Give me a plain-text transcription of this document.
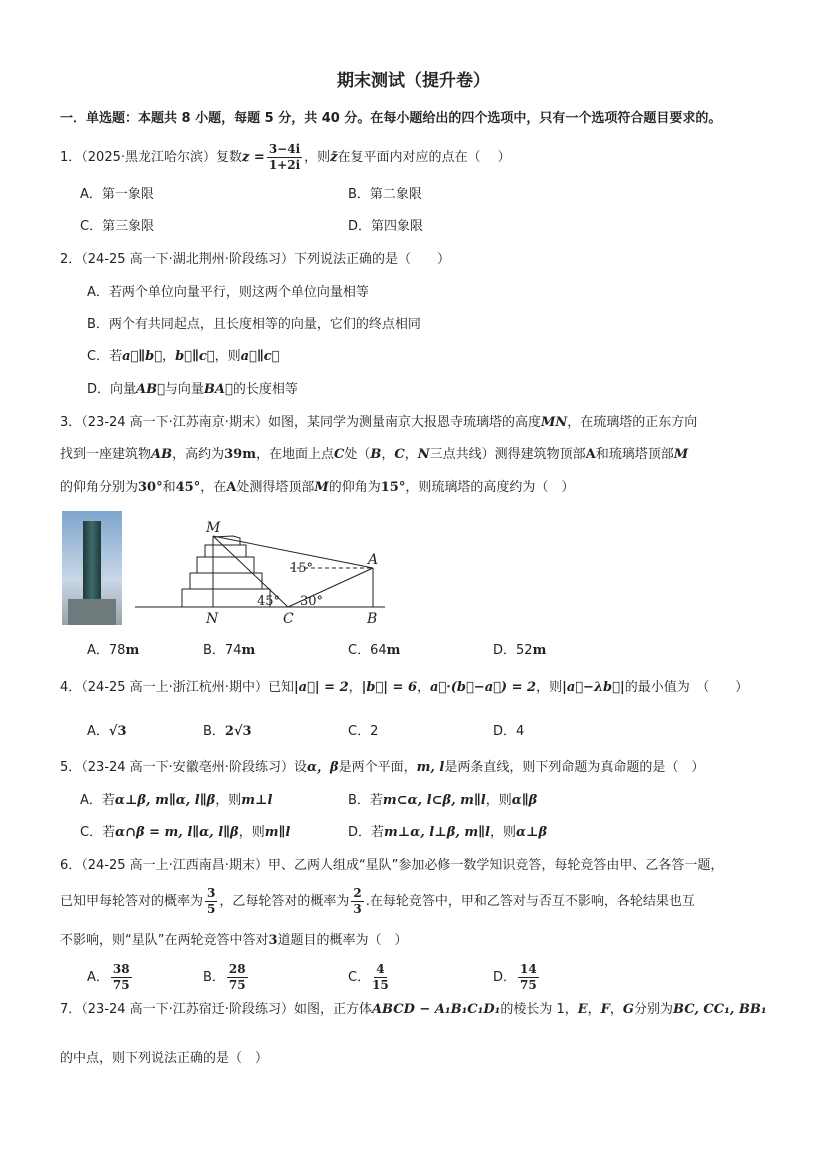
期末测试（提升卷）
一．单选题：本题共 8 小题，每题 5 分，共 40 分。在每小题给出的四个选项中，只有一个选项符合题目要求的。
1．（2025·黑龙江哈尔滨）复数$z = \frac{3-4i}{1+2i}$ ，则z̄在复平面内对应的点在（　 ）
A．第一象限	B．第二象限
C．第三象限	D．第四象限
2．（24-25 高一下·湖北荆州·阶段练习）下列说法正确的是（　　）
A．若两个单位向量平行，则这两个单位向量相等
B．两个有共同起点，且长度相等的向量，它们的终点相同
C．若a⃗∥b⃗，b⃗∥c⃗，则a⃗∥c⃗
D．向量AB⃗与向量BA⃗的长度相等
3．（23-24 高一下·江苏南京·期末）如图，某同学为测量南京大报恩寺琉璃塔的高度MN，在琉璃塔的正东方向
找到一座建筑物AB，高约为39m，在地面上点C处（B，C，N三点共线）测得建筑物顶部A和琉璃塔顶部M
的仰角分别为30°和45°，在A处测得塔顶部M的仰角为15°，则琉璃塔的高度约为（　）
M
N	C	B
A
15°
45° 30°
A．78m	B．74m	C．64m	D．52m
4．（24-25 高一上·浙江杭州·期中）已知|a⃗| = 2，|b⃗| = 6，a⃗·(b⃗−a⃗) = 2，则|a⃗−λb⃗|的最小值为　（　　）
A．√3	B．2√3	C．2	D．4
5．（23-24 高一下·安徽亳州·阶段练习）设α，β是两个平面，m, l是两条直线，则下列命题为真命题的是（　）
A．若α⊥β, m∥α, l∥β，则m⊥l	B．若m⊂α, l⊂β, m∥l，则α∥β
C．若α∩β = m, l∥α, l∥β，则m∥l	D．若m⊥α, l⊥β, m∥l，则α⊥β
6．（24-25 高一上·江西南昌·期末）甲、乙两人组成“星队”参加必修一数学知识竞答，每轮竞答由甲、乙各答一题，
已知甲每轮答对的概率为 $\frac{3}{5}$ ，乙每轮答对的概率为 $\frac{2}{3}$ .在每轮竞答中，甲和乙答对与否互不影响，各轮结果也互
不影响，则“星队”在两轮竞答中答对3道题目的概率为（　）
A． $\frac{38}{75}$	B． $\frac{28}{75}$	C． $\frac{4}{15}$	D． $\frac{14}{75}$
7．（23-24 高一下·江苏宿迁·阶段练习）如图，正方体ABCD − A₁B₁C₁D₁的棱长为 1，E，F，G分别为BC, CC₁, BB₁
的中点，则下列说法正确的是（　）
